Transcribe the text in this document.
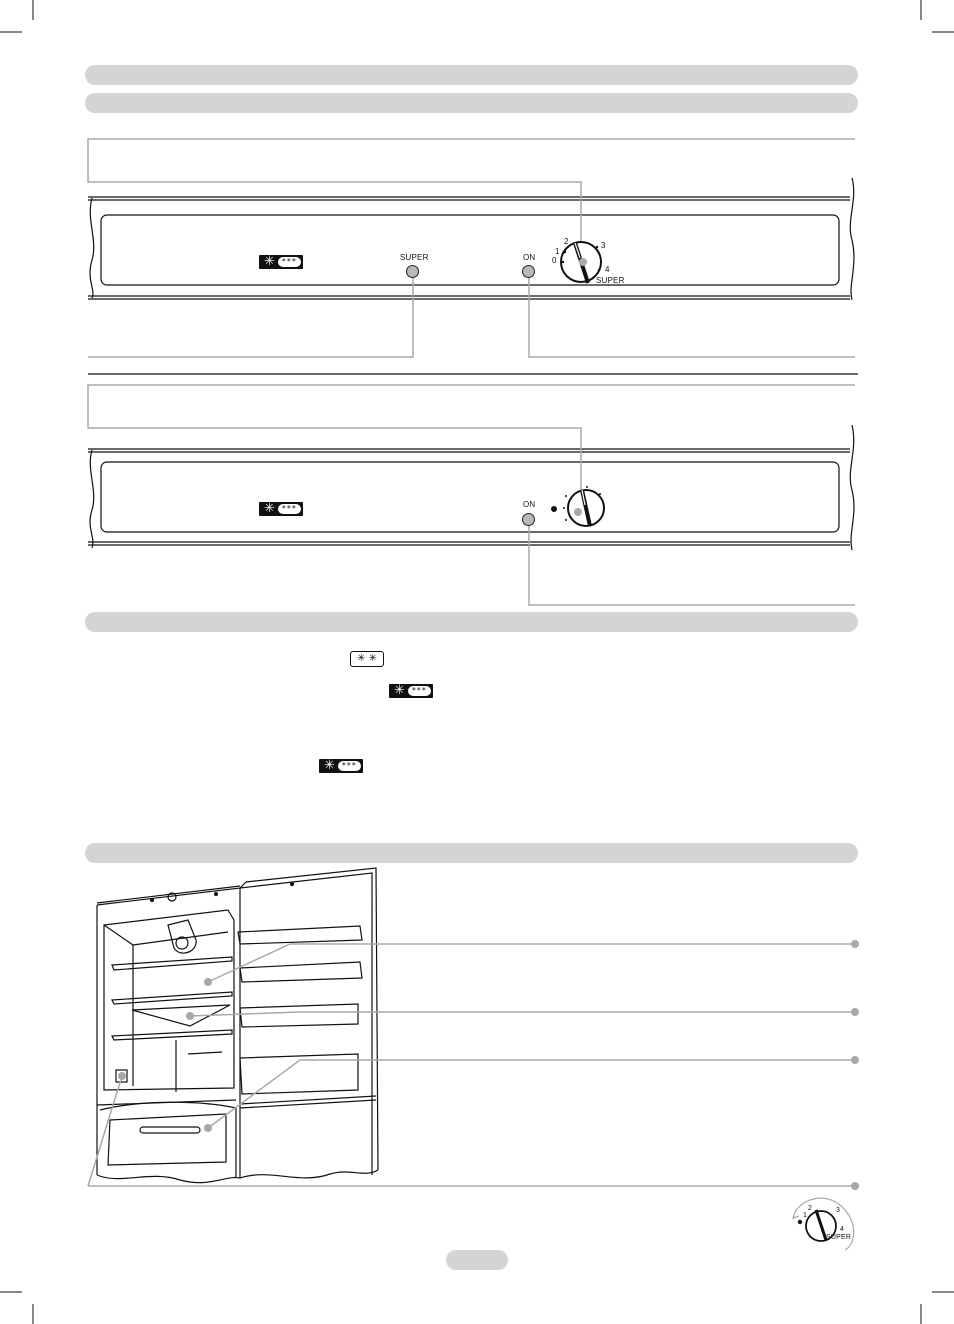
✳ ***	SUPER	ON
1
0
2	3
4
SUPER
✳ ***	ON
✳ ✳
✳ ***
✳ ***
2
1
3
4
SUPER
